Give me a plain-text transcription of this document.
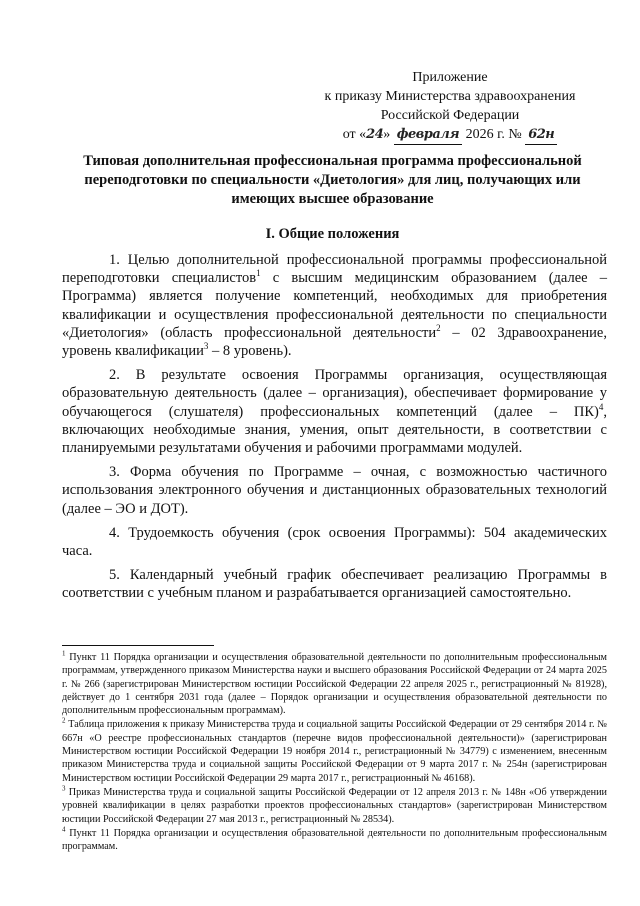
Приложение
к приказу Министерства здравоохранения
Российской Федерации
от «24» февраля 2026 г. № 62н
Типовая дополнительная профессиональная программа профессиональной переподготовки по специальности «Диетология» для лиц, получающих или имеющих высшее образование
I. Общие положения

1. Целью дополнительной профессиональной программы профессиональной переподготовки специалистов$^1$ с высшим медицинским образованием (далее – Программа) является получение компетенций, необходимых для приобретения квалификации и осуществления профессиональной деятельности по специальности «Диетология» (область профессиональной деятельности$^2$ – 02 Здравоохранение, уровень квалификации$^3$ – 8 уровень).

2. В результате освоения Программы организация, осуществляющая образовательную деятельность (далее – организация), обеспечивает формирование у обучающегося (слушателя) профессиональных компетенций (далее – ПК)$^4$, включающих необходимые знания, умения, опыт деятельности, в соответствии с планируемыми результатами обучения и рабочими программами модулей.

3. Форма обучения по Программе – очная, с возможностью частичного использования электронного обучения и дистанционных образовательных технологий (далее – ЭО и ДОТ).

4. Трудоемкость обучения (срок освоения Программы): 504 академических часа.

5. Календарный учебный график обеспечивает реализацию Программы в соответствии с учебным планом и разрабатывается организацией самостоятельно.

$^1$ Пункт 11 Порядка организации и осуществления образовательной деятельности по дополнительным профессиональным программам, утвержденного приказом Министерства науки и высшего образования Российской Федерации от 24 марта 2025 г. № 266 (зарегистрирован Министерством юстиции Российской Федерации 22 апреля 2025 г., регистрационный № 81928), действует до 1 сентября 2031 года (далее – Порядок организации и осуществления образовательной деятельности по дополнительным профессиональным программам).

$^2$ Таблица приложения к приказу Министерства труда и социальной защиты Российской Федерации от 29 сентября 2014 г. № 667н «О реестре профессиональных стандартов (перечне видов профессиональной деятельности)» (зарегистрирован Министерством юстиции Российской Федерации 19 ноября 2014 г., регистрационный № 34779) с изменением, внесенным приказом Министерства труда и социальной защиты Российской Федерации от 9 марта 2017 г. № 254н (зарегистрирован Министерством юстиции Российской Федерации 29 марта 2017 г., регистрационный № 46168).

$^3$ Приказ Министерства труда и социальной защиты Российской Федерации от 12 апреля 2013 г. № 148н «Об утверждении уровней квалификации в целях разработки проектов профессиональных стандартов» (зарегистрирован Министерством юстиции Российской Федерации 27 мая 2013 г., регистрационный № 28534).

$^4$ Пункт 11 Порядка организации и осуществления образовательной деятельности по дополнительным профессиональным программам.
